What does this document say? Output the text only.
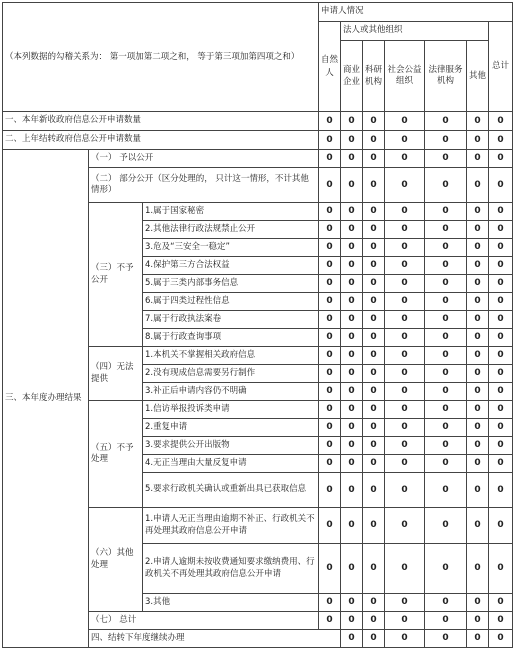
（本列数据的勾稽关系为： 第一项加第二项之和， 等于第三项加第四项之和）			申请人情况							
			自然人	法人或其他组织					总计	
				商业企业	科研机构	社会公益组织	法律服务机构	其他		
一、本年新收政府信息公开申请数量			0	0	0	0	0	0	0	
二、上年结转政府信息公开申请数量			0	0	0	0	0	0	0	
三、本年度办理结果	（一） 予以公开		0	0	0	0	0	0	0	
	（二） 部分公开（区分处理的， 只计这一情形，不计其他情形）		0	0	0	0	0	0	0	
	（三）不予公开	1.属于国家秘密	0	0	0	0	0	0	0	
		2.其他法律行政法规禁止公开	0	0	0	0	0	0	0	
		3.危及“三安全一稳定”	0	0	0	0	0	0	0	
		4.保护第三方合法权益	0	0	0	0	0	0	0	
		5.属于三类内部事务信息	0	0	0	0	0	0	0	
		6.属于四类过程性信息	0	0	0	0	0	0	0	
		7.属于行政执法案卷	0	0	0	0	0	0	0	
		8.属于行政查询事项	0	0	0	0	0	0	0	
	（四）无法提供	1.本机关不掌握相关政府信息	0	0	0	0	0	0	0	
		2.没有现成信息需要另行制作	0	0	0	0	0	0	0	
		3.补正后申请内容仍不明确	0	0	0	0	0	0	0	
	（五）不予处理	1.信访举报投诉类申请	0	0	0	0	0	0	0	
		2.重复申请	0	0	0	0	0	0	0	
		3.要求提供公开出版物	0	0	0	0	0	0	0	
		4.无正当理由大量反复申请	0	0	0	0	0	0	0	
		5.要求行政机关确认或重新出具已获取信息	0	0	0	0	0	0	0	
	（六）其他处理	1.申请人无正当理由逾期不补正、行政机关不再处理其政府信息公开申请	0	0	0	0	0	0	0	
		2.申请人逾期未按收费通知要求缴纳费用、行政机关不再处理其政府信息公开申请	0	0	0	0	0	0	0	
		3.其他	0	0	0	0	0	0	0	
	（七） 总计		0	0	0	0	0	0	0	
	四、结转下年度继续办理			0	0	0	0	0	0	
